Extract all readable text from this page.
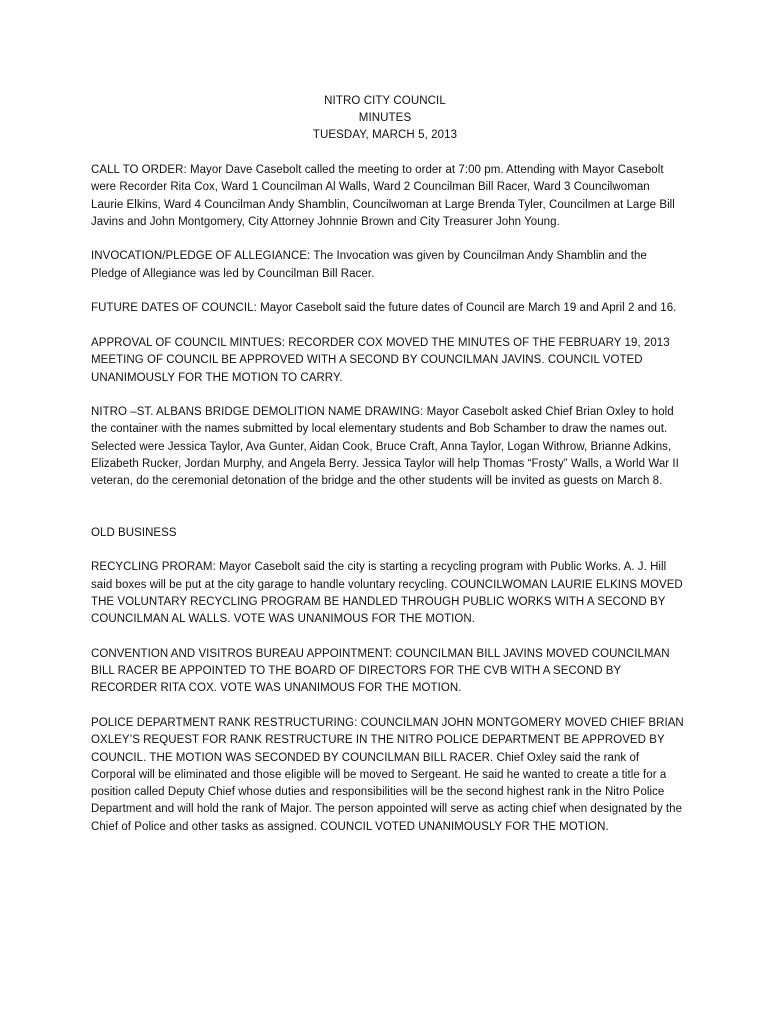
NITRO CITY COUNCIL
MINUTES
TUESDAY, MARCH 5, 2013

CALL TO ORDER: Mayor Dave Casebolt called the meeting to order at 7:00 pm. Attending with Mayor Casebolt were Recorder Rita Cox, Ward 1 Councilman Al Walls, Ward 2 Councilman Bill Racer, Ward 3 Councilwoman Laurie Elkins, Ward 4 Councilman Andy Shamblin, Councilwoman at Large Brenda Tyler, Councilmen at Large Bill Javins and John Montgomery, City Attorney Johnnie Brown and City Treasurer John Young.

INVOCATION/PLEDGE OF ALLEGIANCE: The Invocation was given by Councilman Andy Shamblin and the Pledge of Allegiance was led by Councilman Bill Racer.

FUTURE DATES OF COUNCIL: Mayor Casebolt said the future dates of Council are March 19 and April 2 and 16.

APPROVAL OF COUNCIL MINTUES: RECORDER COX MOVED THE MINUTES OF THE FEBRUARY 19, 2013 MEETING OF COUNCIL BE APPROVED WITH A SECOND BY COUNCILMAN JAVINS. COUNCIL VOTED UNANIMOUSLY FOR THE MOTION TO CARRY.

NITRO –ST. ALBANS BRIDGE DEMOLITION NAME DRAWING: Mayor Casebolt asked Chief Brian Oxley to hold the container with the names submitted by local elementary students and Bob Schamber to draw the names out. Selected were Jessica Taylor, Ava Gunter, Aidan Cook, Bruce Craft, Anna Taylor, Logan Withrow, Brianne Adkins, Elizabeth Rucker, Jordan Murphy, and Angela Berry. Jessica Taylor will help Thomas “Frosty” Walls, a World War II veteran, do the ceremonial detonation of the bridge and the other students will be invited as guests on March 8.

OLD BUSINESS

RECYCLING PRORAM: Mayor Casebolt said the city is starting a recycling program with Public Works. A. J. Hill said boxes will be put at the city garage to handle voluntary recycling. COUNCILWOMAN LAURIE ELKINS MOVED THE VOLUNTARY RECYCLING PROGRAM BE HANDLED THROUGH PUBLIC WORKS WITH A SECOND BY COUNCILMAN AL WALLS. VOTE WAS UNANIMOUS FOR THE MOTION.

CONVENTION AND VISITROS BUREAU APPOINTMENT: COUNCILMAN BILL JAVINS MOVED COUNCILMAN BILL RACER BE APPOINTED TO THE BOARD OF DIRECTORS FOR THE CVB WITH A SECOND BY RECORDER RITA COX. VOTE WAS UNANIMOUS FOR THE MOTION.

POLICE DEPARTMENT RANK RESTRUCTURING: COUNCILMAN JOHN MONTGOMERY MOVED CHIEF BRIAN OXLEY’S REQUEST FOR RANK RESTRUCTURE IN THE NITRO POLICE DEPARTMENT BE APPROVED BY COUNCIL. THE MOTION WAS SECONDED BY COUNCILMAN BILL RACER. Chief Oxley said the rank of Corporal will be eliminated and those eligible will be moved to Sergeant. He said he wanted to create a title for a position called Deputy Chief whose duties and responsibilities will be the second highest rank in the Nitro Police Department and will hold the rank of Major. The person appointed will serve as acting chief when designated by the Chief of Police and other tasks as assigned. COUNCIL VOTED UNANIMOUSLY FOR THE MOTION.
